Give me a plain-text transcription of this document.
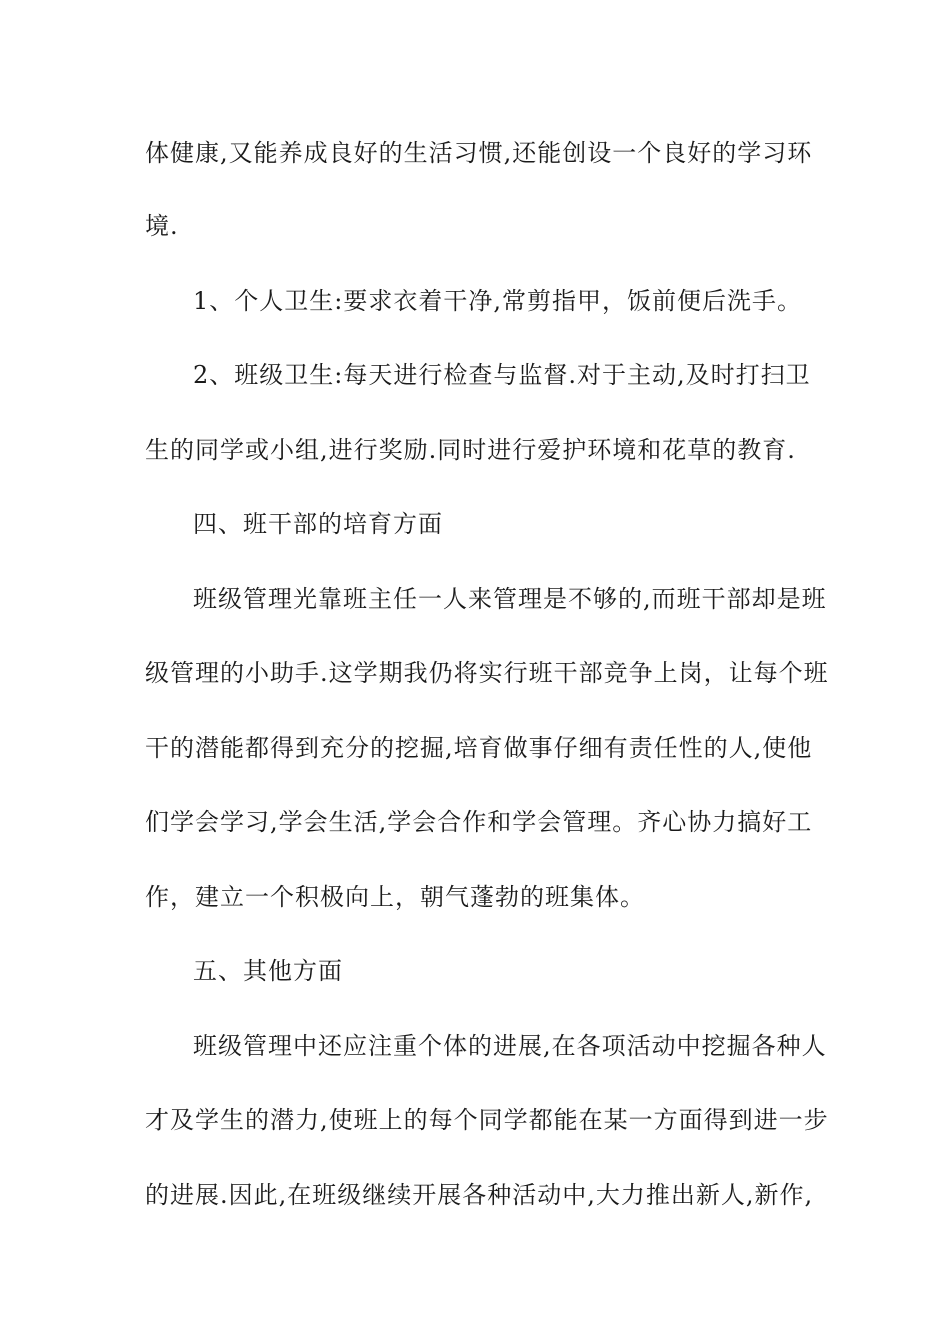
体健康,又能养成良好的生活习惯,还能创设一个良好的学习环
境.
1、个人卫生:要求衣着干净,常剪指甲，饭前便后洗手。
2、班级卫生:每天进行检查与监督.对于主动,及时打扫卫
生的同学或小组,进行奖励.同时进行爱护环境和花草的教育.
四、班干部的培育方面
班级管理光靠班主任一人来管理是不够的,而班干部却是班
级管理的小助手.这学期我仍将实行班干部竞争上岗，让每个班
干的潜能都得到充分的挖掘,培育做事仔细有责任性的人,使他
们学会学习,学会生活,学会合作和学会管理。齐心协力搞好工
作，建立一个积极向上，朝气蓬勃的班集体。
五、其他方面
班级管理中还应注重个体的进展,在各项活动中挖掘各种人
才及学生的潜力,使班上的每个同学都能在某一方面得到进一步
的进展.因此,在班级继续开展各种活动中,大力推出新人,新作,
